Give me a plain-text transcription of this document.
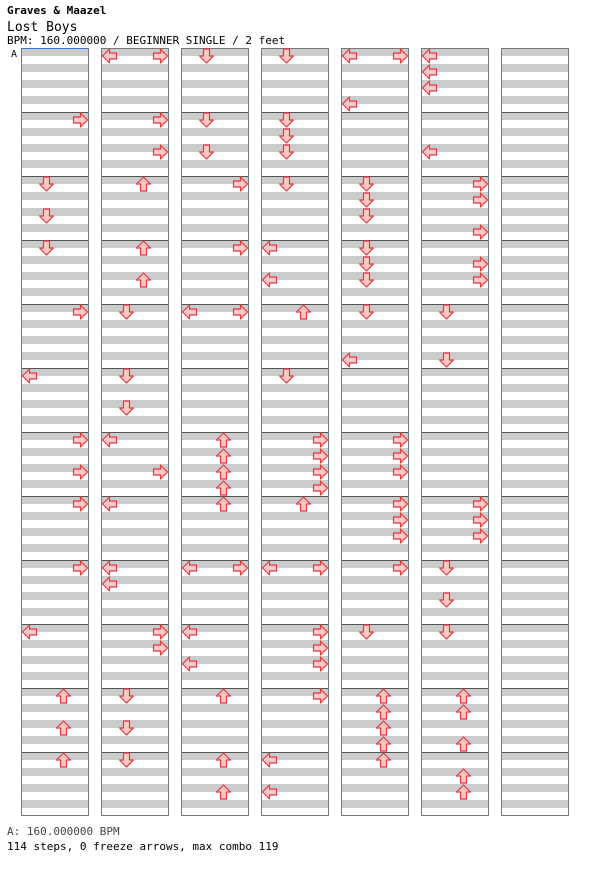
Graves & Maazel
Lost Boys
BPM: 160.000000 / BEGINNER SINGLE / 2 feet
A
A: 160.000000 BPM
114 steps, 0 freeze arrows, max combo 119
